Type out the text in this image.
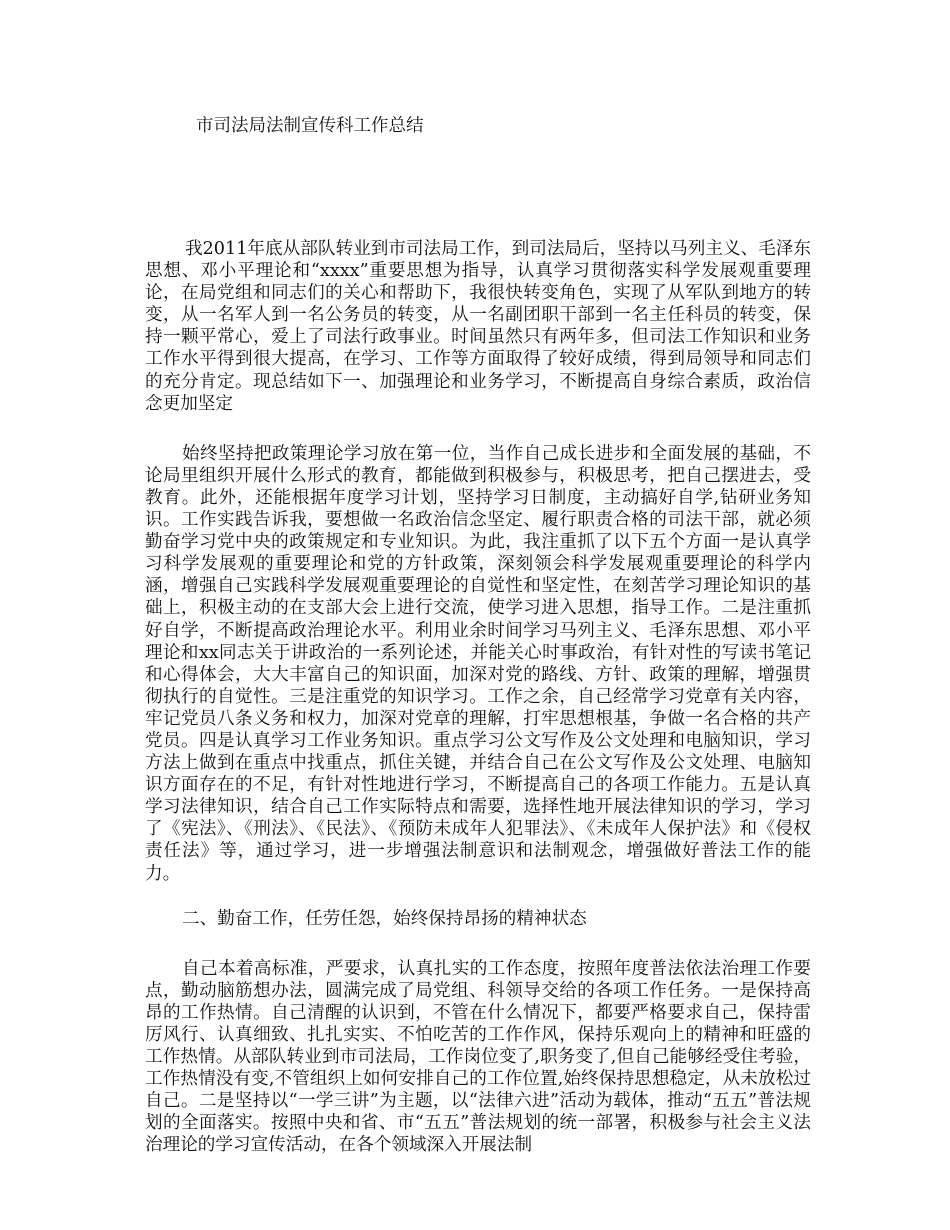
市司法局法制宣传科工作总结

我2011年底从部队转业到市司法局工作，到司法局后，坚持以马列主义、毛泽东思想、邓小平理论和“xxxx”重要思想为指导，认真学习贯彻落实科学发展观重要理论，在局党组和同志们的关心和帮助下，我很快转变角色，实现了从军队到地方的转变，从一名军人到一名公务员的转变，从一名副团职干部到一名主任科员的转变，保持一颗平常心，爱上了司法行政事业。时间虽然只有两年多，但司法工作知识和业务工作水平得到很大提高，在学习、工作等方面取得了较好成绩，得到局领导和同志们的充分肯定。现总结如下一、加强理论和业务学习，不断提高自身综合素质，政治信念更加坚定

始终坚持把政策理论学习放在第一位，当作自己成长进步和全面发展的基础，不论局里组织开展什么形式的教育，都能做到积极参与，积极思考，把自己摆进去，受教育。此外，还能根据年度学习计划，坚持学习日制度，主动搞好自学,钻研业务知识。工作实践告诉我，要想做一名政治信念坚定、履行职责合格的司法干部，就必须勤奋学习党中央的政策规定和专业知识。为此，我注重抓了以下五个方面一是认真学习科学发展观的重要理论和党的方针政策，深刻领会科学发展观重要理论的科学内涵，增强自己实践科学发展观重要理论的自觉性和坚定性，在刻苦学习理论知识的基础上，积极主动的在支部大会上进行交流，使学习进入思想，指导工作。二是注重抓好自学，不断提高政治理论水平。利用业余时间学习马列主义、毛泽东思想、邓小平理论和xx同志关于讲政治的一系列论述，并能关心时事政治，有针对性的写读书笔记和心得体会，大大丰富自己的知识面，加深对党的路线、方针、政策的理解，增强贯彻执行的自觉性。三是注重党的知识学习。工作之余，自己经常学习党章有关内容，牢记党员八条义务和权力，加深对党章的理解，打牢思想根基，争做一名合格的共产党员。四是认真学习工作业务知识。重点学习公文写作及公文处理和电脑知识，学习方法上做到在重点中找重点，抓住关键，并结合自己在公文写作及公文处理、电脑知识方面存在的不足，有针对性地进行学习，不断提高自己的各项工作能力。五是认真学习法律知识，结合自己工作实际特点和需要，选择性地开展法律知识的学习，学习了《宪法》、《刑法》、《民法》、《预防未成年人犯罪法》、《未成年人保护法》和《侵权责任法》等，通过学习，进一步增强法制意识和法制观念，增强做好普法工作的能力。

二、勤奋工作，任劳任怨，始终保持昂扬的精神状态

自己本着高标准，严要求，认真扎实的工作态度，按照年度普法依法治理工作要点，勤动脑筋想办法，圆满完成了局党组、科领导交给的各项工作任务。一是保持高昂的工作热情。自己清醒的认识到，不管在什么情况下，都要严格要求自己，保持雷厉风行、认真细致、扎扎实实、不怕吃苦的工作作风，保持乐观向上的精神和旺盛的工作热情。从部队转业到市司法局，工作岗位变了,职务变了,但自己能够经受住考验，工作热情没有变,不管组织上如何安排自己的工作位置,始终保持思想稳定，从未放松过自己。二是坚持以“一学三讲”为主题，以“法律六进”活动为载体，推动“五五”普法规划的全面落实。按照中央和省、市“五五”普法规划的统一部署，积极参与社会主义法治理论的学习宣传活动，在各个领域深入开展法制
